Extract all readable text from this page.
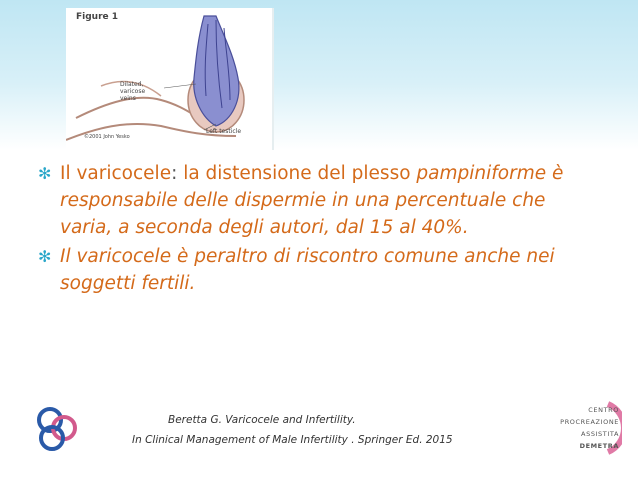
Figure 1
Dilated, varicose veins
Left testicle
©2001 John Yesko
✻ Il varicocele: la distensione del plesso pampiniforme è responsabile delle dispermie in una percentuale che varia, a seconda degli autori, dal 15 al 40%.
✻ Il varicocele è peraltro di riscontro comune anche nei soggetti fertili.
Beretta G. Varicocele and Infertility.
In Clinical Management of Male Infertility . Springer Ed. 2015
CENTRO
PROCREAZIONE
ASSISTITA
DEMETRA
